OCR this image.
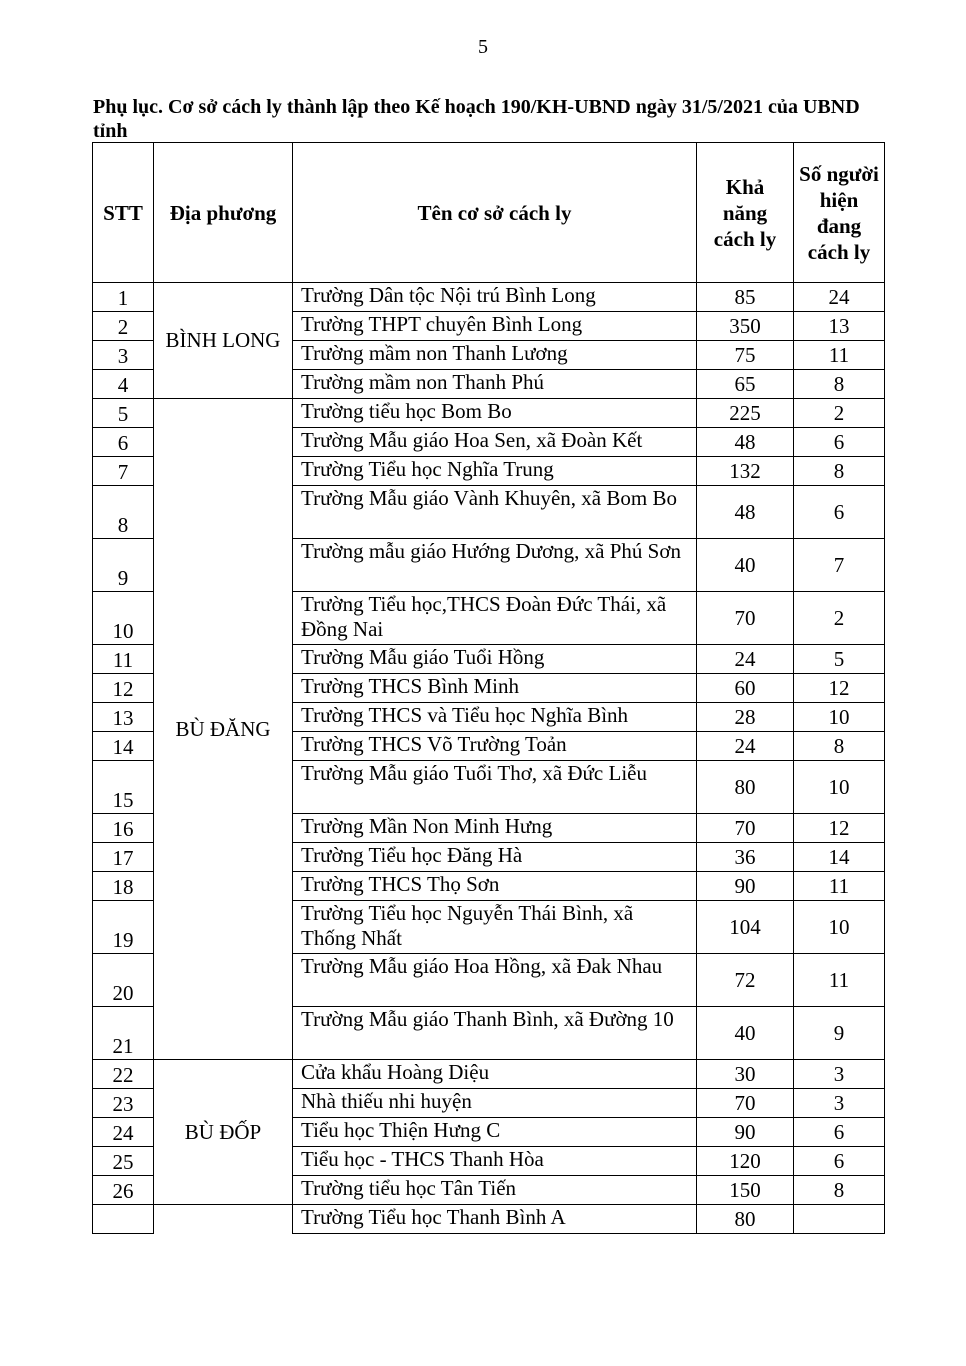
5
Phụ lục. Cơ sở cách ly thành lập theo Kế hoạch 190/KH-UBND ngày 31/5/2021 của UBND tỉnh
STT	Địa phương	Tên cơ sở cách ly	Khả năng cách ly	Số người hiện đang cách ly
1	BÌNH LONG	Trường Dân tộc Nội trú Bình Long	85	24
2		Trường THPT chuyên Bình Long	350	13
3		Trường mầm non Thanh Lương	75	11
4		Trường mầm non Thanh Phú	65	8
5	BÙ ĐĂNG	Trường tiểu học Bom Bo	225	2
6		Trường Mẫu giáo Hoa Sen, xã Đoàn Kết	48	6
7		Trường Tiểu học Nghĩa Trung	132	8
8		Trường Mẫu giáo Vành Khuyên, xã Bom Bo	48	6
9		Trường mẫu giáo Hướng Dương, xã Phú Sơn	40	7
10		Trường Tiểu học,THCS Đoàn Đức Thái, xã Đồng Nai	70	2
11		Trường Mẫu giáo Tuổi Hồng	24	5
12		Trường THCS Bình Minh	60	12
13		Trường THCS và Tiểu học Nghĩa Bình	28	10
14		Trường THCS Võ Trường Toản	24	8
15		Trường Mẫu giáo Tuổi Thơ, xã Đức Liễu	80	10
16		Trường Mần Non Minh Hưng	70	12
17		Trường Tiểu học Đăng Hà	36	14
18		Trường THCS Thọ Sơn	90	11
19		Trường Tiểu học Nguyễn Thái Bình, xã Thống Nhất	104	10
20		Trường Mẫu giáo Hoa Hồng, xã Đak Nhau	72	11
21		Trường Mẫu giáo Thanh Bình, xã Đường 10	40	9
22	BÙ ĐỐP	Cửa khẩu Hoàng Diệu	30	3
23		Nhà thiếu nhi huyện	70	3
24		Tiểu học Thiện Hưng C	90	6
25		Tiểu học - THCS Thanh Hòa	120	6
26		Trường tiểu học Tân Tiến	150	8
		Trường Tiểu học Thanh Bình A	80	
